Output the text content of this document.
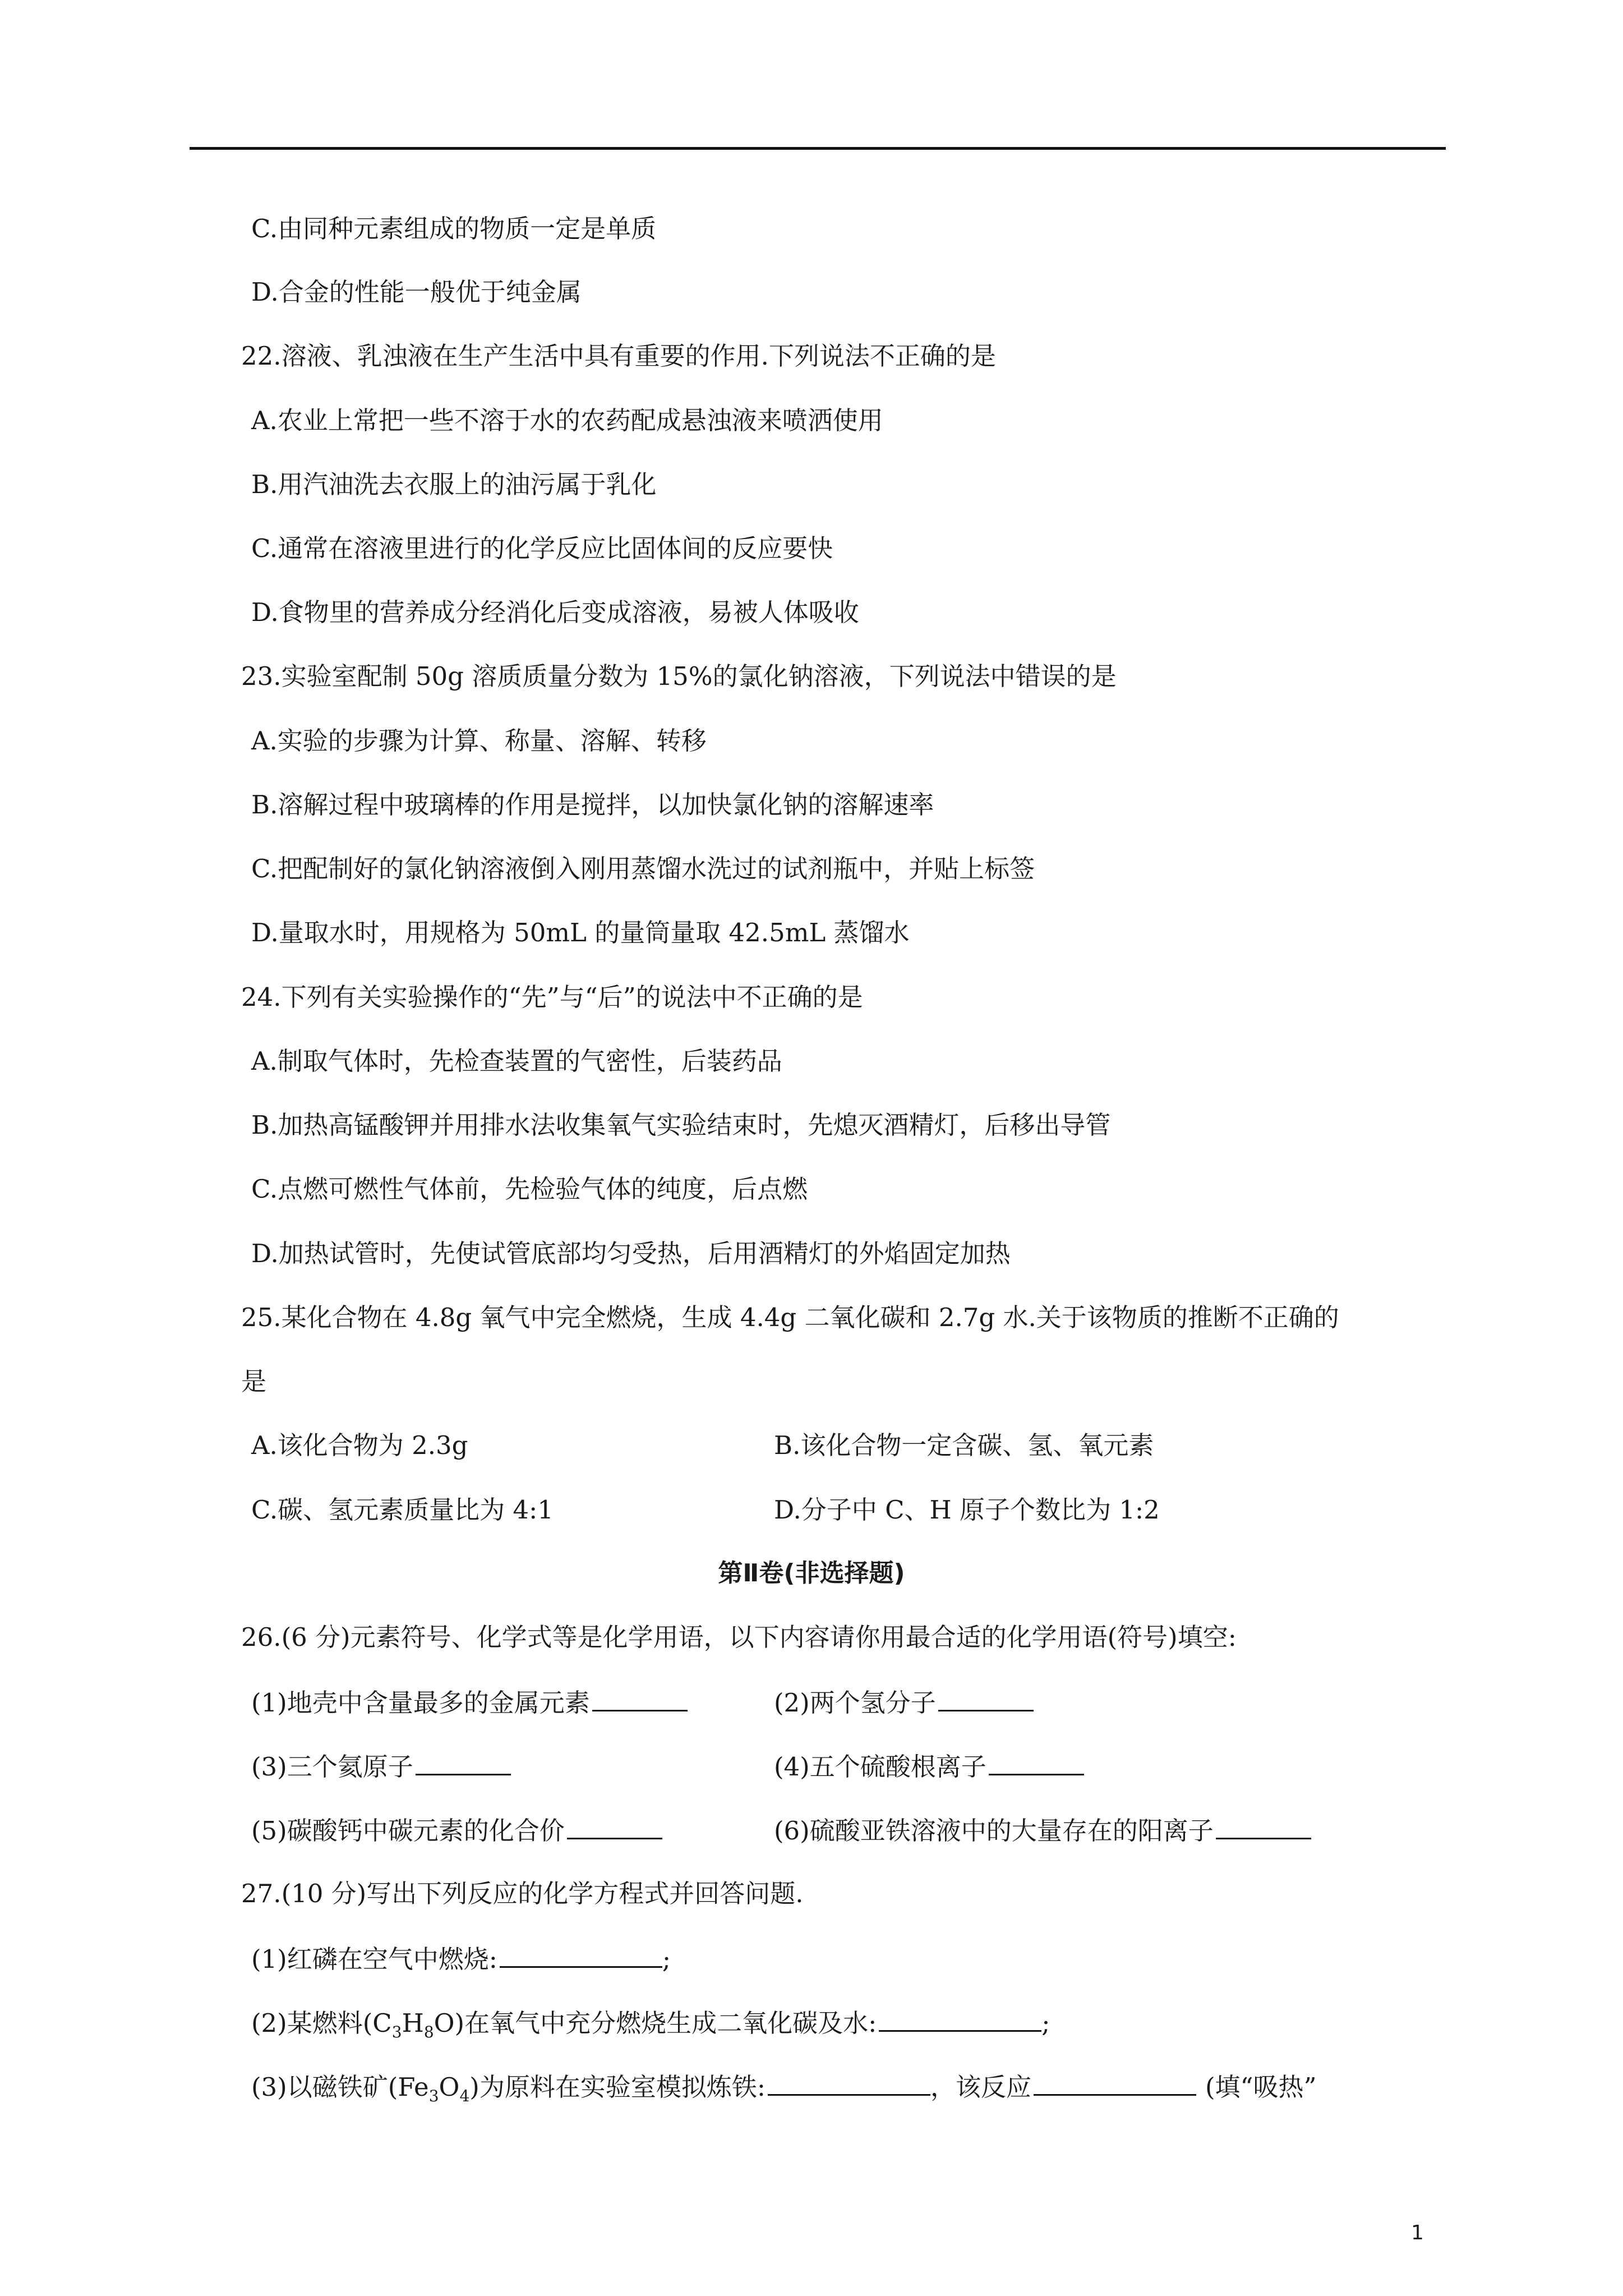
C.由同种元素组成的物质一定是单质
D.合金的性能一般优于纯金属
22.溶液、乳浊液在生产生活中具有重要的作用.下列说法不正确的是
A.农业上常把一些不溶于水的农药配成悬浊液来喷洒使用
B.用汽油洗去衣服上的油污属于乳化
C.通常在溶液里进行的化学反应比固体间的反应要快
D.食物里的营养成分经消化后变成溶液，易被人体吸收
23.实验室配制 50g 溶质质量分数为 15%的氯化钠溶液，下列说法中错误的是
A.实验的步骤为计算、称量、溶解、转移
B.溶解过程中玻璃棒的作用是搅拌，以加快氯化钠的溶解速率
C.把配制好的氯化钠溶液倒入刚用蒸馏水洗过的试剂瓶中，并贴上标签
D.量取水时，用规格为 50mL 的量筒量取 42.5mL 蒸馏水
24.下列有关实验操作的“先”与“后”的说法中不正确的是
A.制取气体时，先检查装置的气密性，后装药品
B.加热高锰酸钾并用排水法收集氧气实验结束时，先熄灭酒精灯，后移出导管
C.点燃可燃性气体前，先检验气体的纯度，后点燃
D.加热试管时，先使试管底部均匀受热，后用酒精灯的外焰固定加热
25.某化合物在 4.8g 氧气中完全燃烧，生成 4.4g 二氧化碳和 2.7g 水.关于该物质的推断不正确的
是
A.该化合物为 2.3g	B.该化合物一定含碳、氢、氧元素
C.碳、氢元素质量比为 4:1	D.分子中 C、H 原子个数比为 1:2
第Ⅱ卷(非选择题)
26.(6 分)元素符号、化学式等是化学用语，以下内容请你用最合适的化学用语(符号)填空:
(1)地壳中含量最多的金属元素	(2)两个氢分子
(3)三个氦原子	(4)五个硫酸根离子
(5)碳酸钙中碳元素的化合价	(6)硫酸亚铁溶液中的大量存在的阳离子
27.(10 分)写出下列反应的化学方程式并回答问题.
(1)红磷在空气中燃烧:	;
(2)某燃料$(C_3H_8O)$在氧气中充分燃烧生成二氧化碳及水:	;
(3)以磁铁矿$(Fe_3O_4)$为原料在实验室模拟炼铁:	，该反应	(填“吸热”
1
